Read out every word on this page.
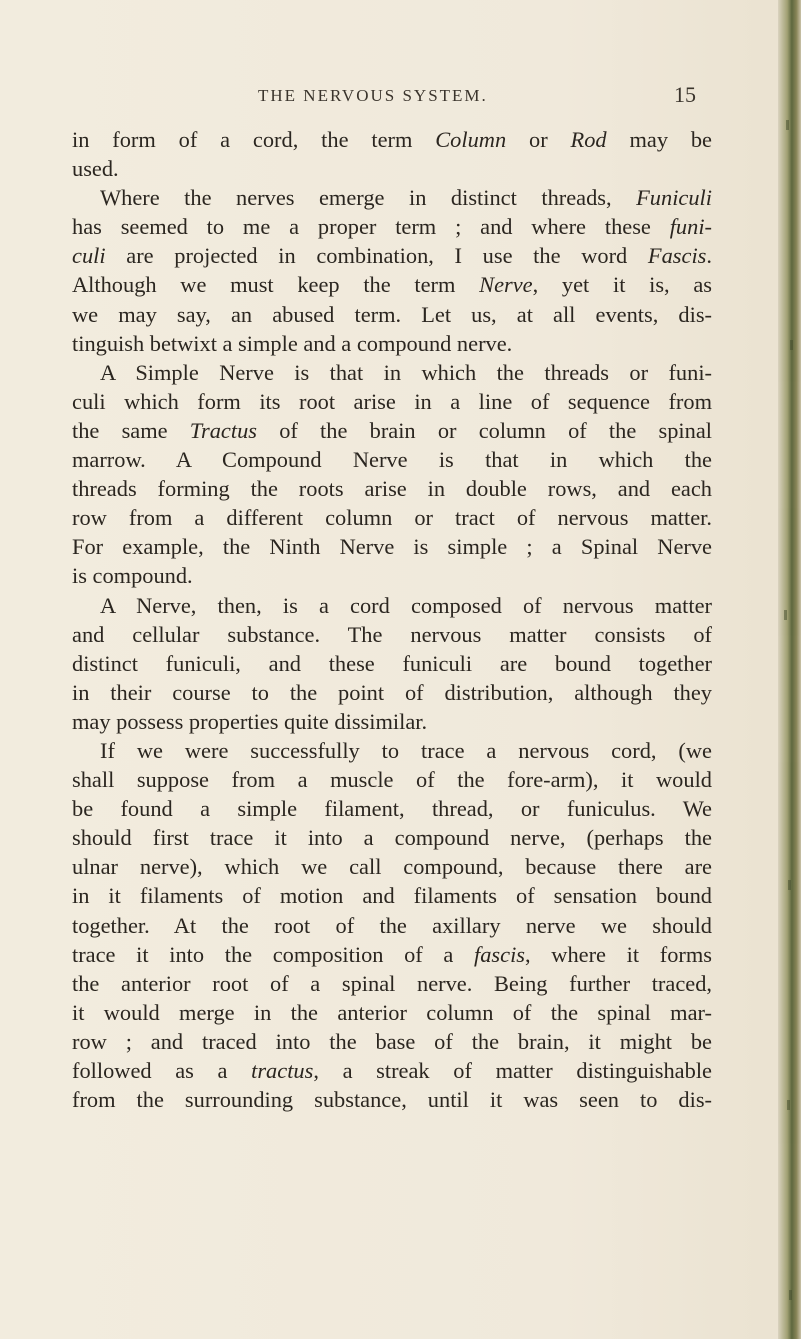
THE NERVOUS SYSTEM.	15
in form of a cord, the term Column or Rod may be
used.
Where the nerves emerge in distinct threads, Funiculi
has seemed to me a proper term ; and where these funi-
culi are projected in combination, I use the word Fascis.
Although we must keep the term Nerve, yet it is, as
we may say, an abused term. Let us, at all events, dis-
tinguish betwixt a simple and a compound nerve.
A Simple Nerve is that in which the threads or funi-
culi which form its root arise in a line of sequence from
the same Tractus of the brain or column of the spinal
marrow. A Compound Nerve is that in which the
threads forming the roots arise in double rows, and each
row from a different column or tract of nervous matter.
For example, the Ninth Nerve is simple ; a Spinal Nerve
is compound.
A Nerve, then, is a cord composed of nervous matter
and cellular substance. The nervous matter consists of
distinct funiculi, and these funiculi are bound together
in their course to the point of distribution, although they
may possess properties quite dissimilar.
If we were successfully to trace a nervous cord, (we
shall suppose from a muscle of the fore-arm), it would
be found a simple filament, thread, or funiculus. We
should first trace it into a compound nerve, (perhaps the
ulnar nerve), which we call compound, because there are
in it filaments of motion and filaments of sensation bound
together. At the root of the axillary nerve we should
trace it into the composition of a fascis, where it forms
the anterior root of a spinal nerve. Being further traced,
it would merge in the anterior column of the spinal mar-
row ; and traced into the base of the brain, it might be
followed as a tractus, a streak of matter distinguishable
from the surrounding substance, until it was seen to dis-
